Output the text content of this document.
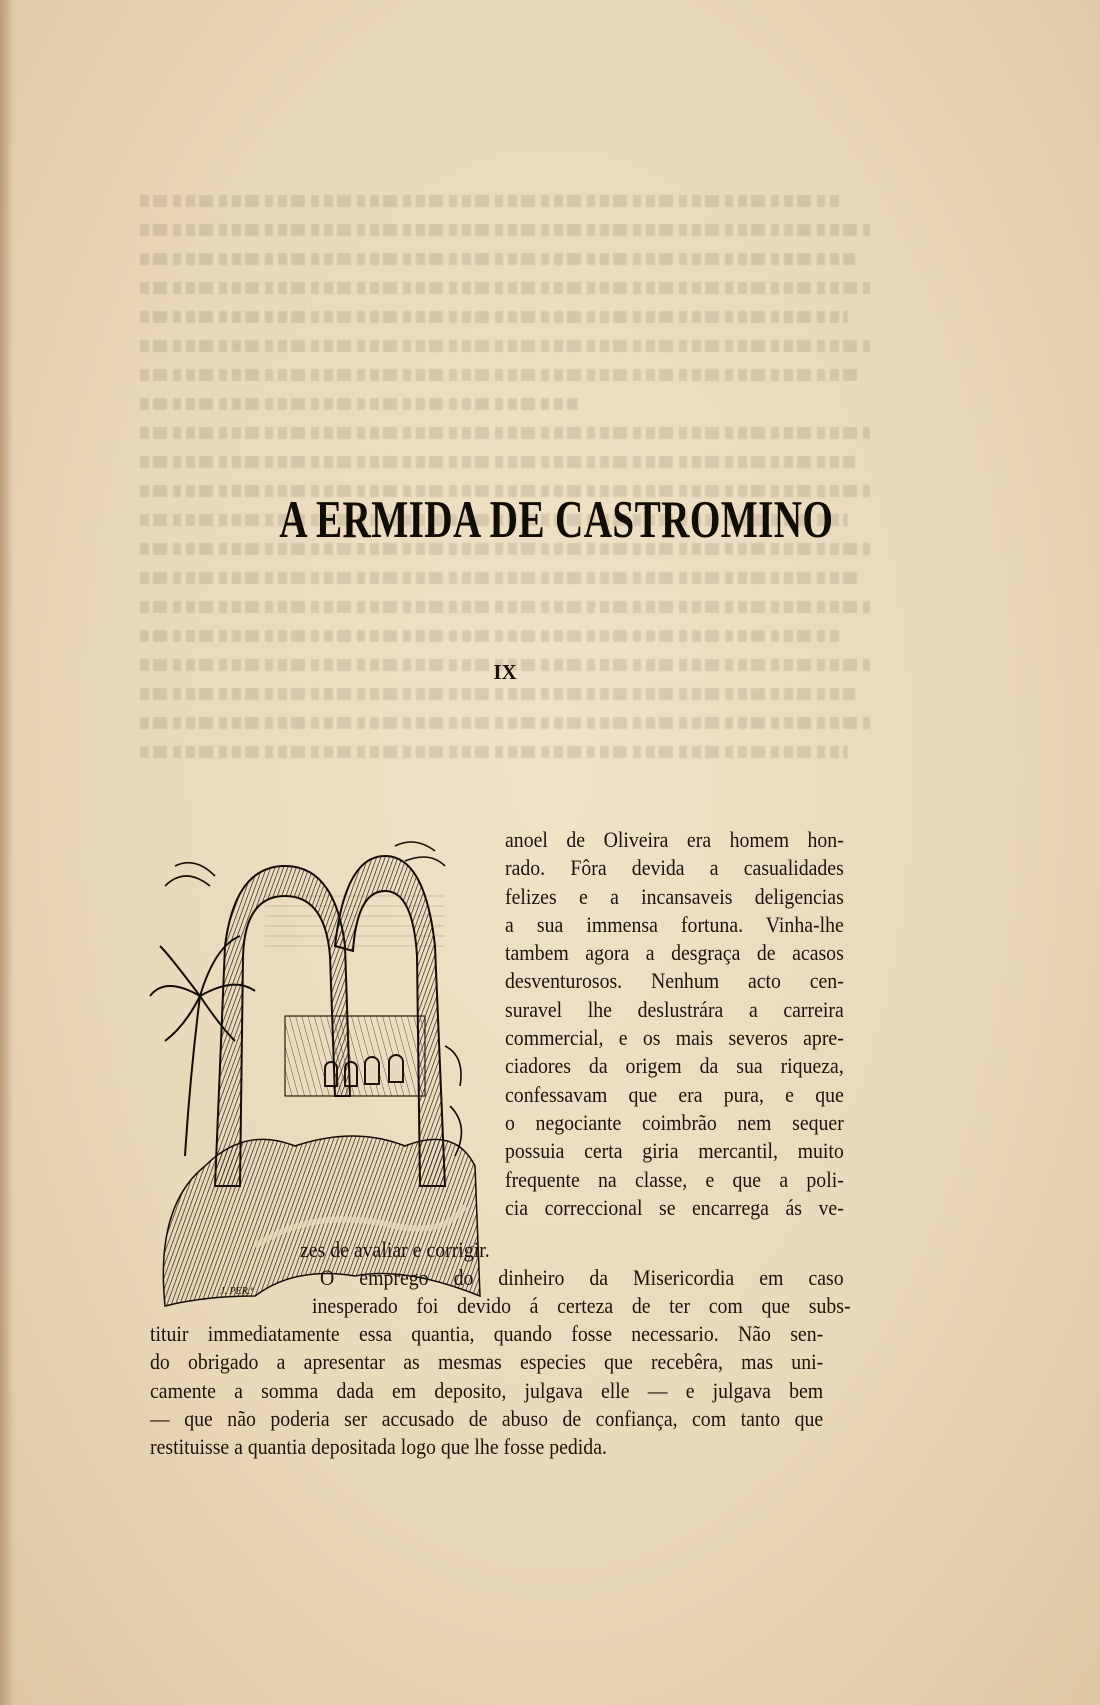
A ERMIDA DE CASTROMINO
IX
J. PER.ª
anoel de Oliveira era homem hon-
rado. Fôra devida a casualidades
felizes e a incansaveis deligencias
a sua immensa fortuna. Vinha-lhe
tambem agora a desgraça de acasos
desventurosos. Nenhum acto cen-
suravel lhe deslustrára a carreira
commercial, e os mais severos apre-
ciadores da origem da sua riqueza,
confessavam que era pura, e que
o negociante coimbrão nem sequer
possuia certa giria mercantil, muito
frequente na classe, e que a poli-
cia correccional se encarrega ás ve-
zes de avaliar e corrigir.
O emprego do dinheiro da Misericordia em caso
inesperado foi devido á certeza de ter com que subs-
tituir immediatamente essa quantia, quando fosse necessario. Não sen-
do obrigado a apresentar as mesmas especies que recebêra, mas uni-
camente a somma dada em deposito, julgava elle — e julgava bem
— que não poderia ser accusado de abuso de confiança, com tanto que
restituisse a quantia depositada logo que lhe fosse pedida.
